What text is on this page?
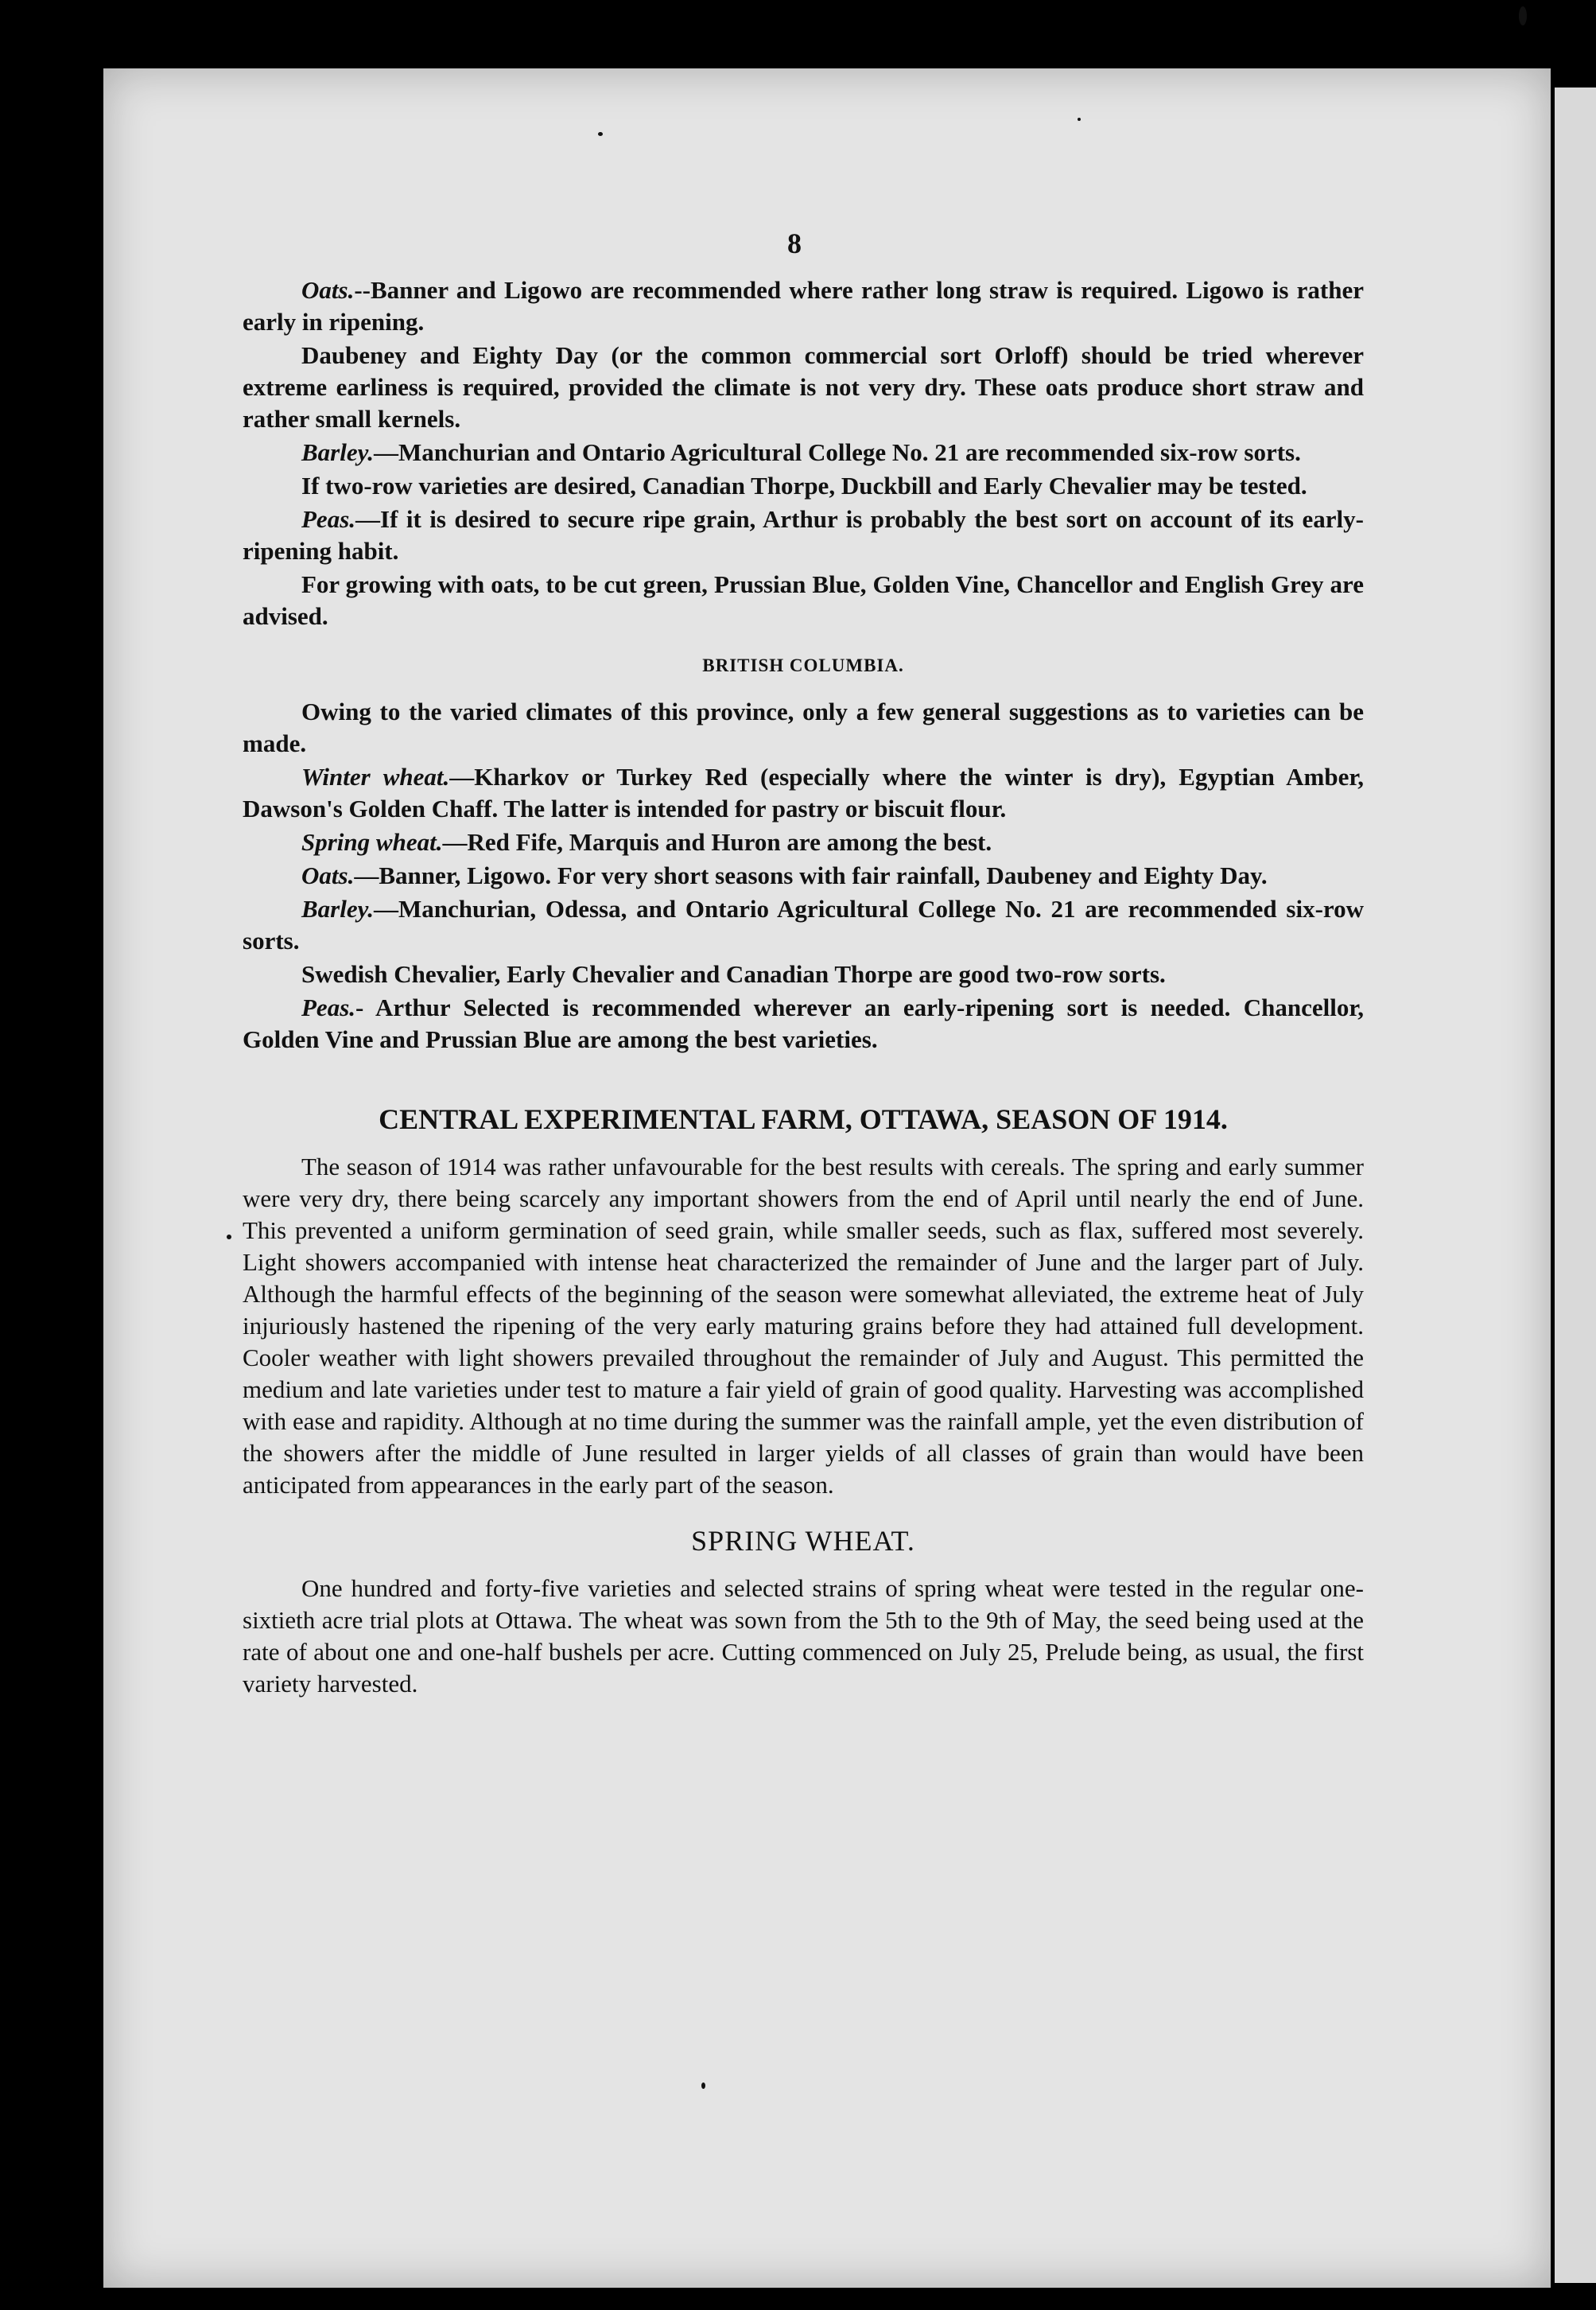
8

Oats.--Banner and Ligowo are recommended where rather long straw is required. Ligowo is rather early in ripening.

Daubeney and Eighty Day (or the common commercial sort Orloff) should be tried wherever extreme earliness is required, provided the climate is not very dry. These oats produce short straw and rather small kernels.

Barley.—Manchurian and Ontario Agricultural College No. 21 are recommended six-row sorts.

If two-row varieties are desired, Canadian Thorpe, Duckbill and Early Chevalier may be tested.

Peas.—If it is desired to secure ripe grain, Arthur is probably the best sort on account of its early-ripening habit.

For growing with oats, to be cut green, Prussian Blue, Golden Vine, Chancellor and English Grey are advised.

BRITISH COLUMBIA.

Owing to the varied climates of this province, only a few general suggestions as to varieties can be made.

Winter wheat.—Kharkov or Turkey Red (especially where the winter is dry), Egyptian Amber, Dawson's Golden Chaff. The latter is intended for pastry or biscuit flour.

Spring wheat.—Red Fife, Marquis and Huron are among the best.

Oats.—Banner, Ligowo. For very short seasons with fair rainfall, Daubeney and Eighty Day.

Barley.—Manchurian, Odessa, and Ontario Agricultural College No. 21 are recommended six-row sorts.

Swedish Chevalier, Early Chevalier and Canadian Thorpe are good two-row sorts.

Peas.- Arthur Selected is recommended wherever an early-ripening sort is needed. Chancellor, Golden Vine and Prussian Blue are among the best varieties.

CENTRAL EXPERIMENTAL FARM, OTTAWA, SEASON OF 1914.

The season of 1914 was rather unfavourable for the best results with cereals. The spring and early summer were very dry, there being scarcely any important showers from the end of April until nearly the end of June. This prevented a uniform germination of seed grain, while smaller seeds, such as flax, suffered most severely. Light showers accompanied with intense heat characterized the remainder of June and the larger part of July. Although the harmful effects of the beginning of the season were somewhat alleviated, the extreme heat of July injuriously hastened the ripening of the very early maturing grains before they had attained full development. Cooler weather with light showers prevailed throughout the remainder of July and August. This permitted the medium and late varieties under test to mature a fair yield of grain of good quality. Harvesting was accomplished with ease and rapidity. Although at no time during the summer was the rainfall ample, yet the even distribution of the showers after the middle of June resulted in larger yields of all classes of grain than would have been anticipated from appearances in the early part of the season.

SPRING WHEAT.

One hundred and forty-five varieties and selected strains of spring wheat were tested in the regular one-sixtieth acre trial plots at Ottawa. The wheat was sown from the 5th to the 9th of May, the seed being used at the rate of about one and one-half bushels per acre. Cutting commenced on July 25, Prelude being, as usual, the first variety harvested.
